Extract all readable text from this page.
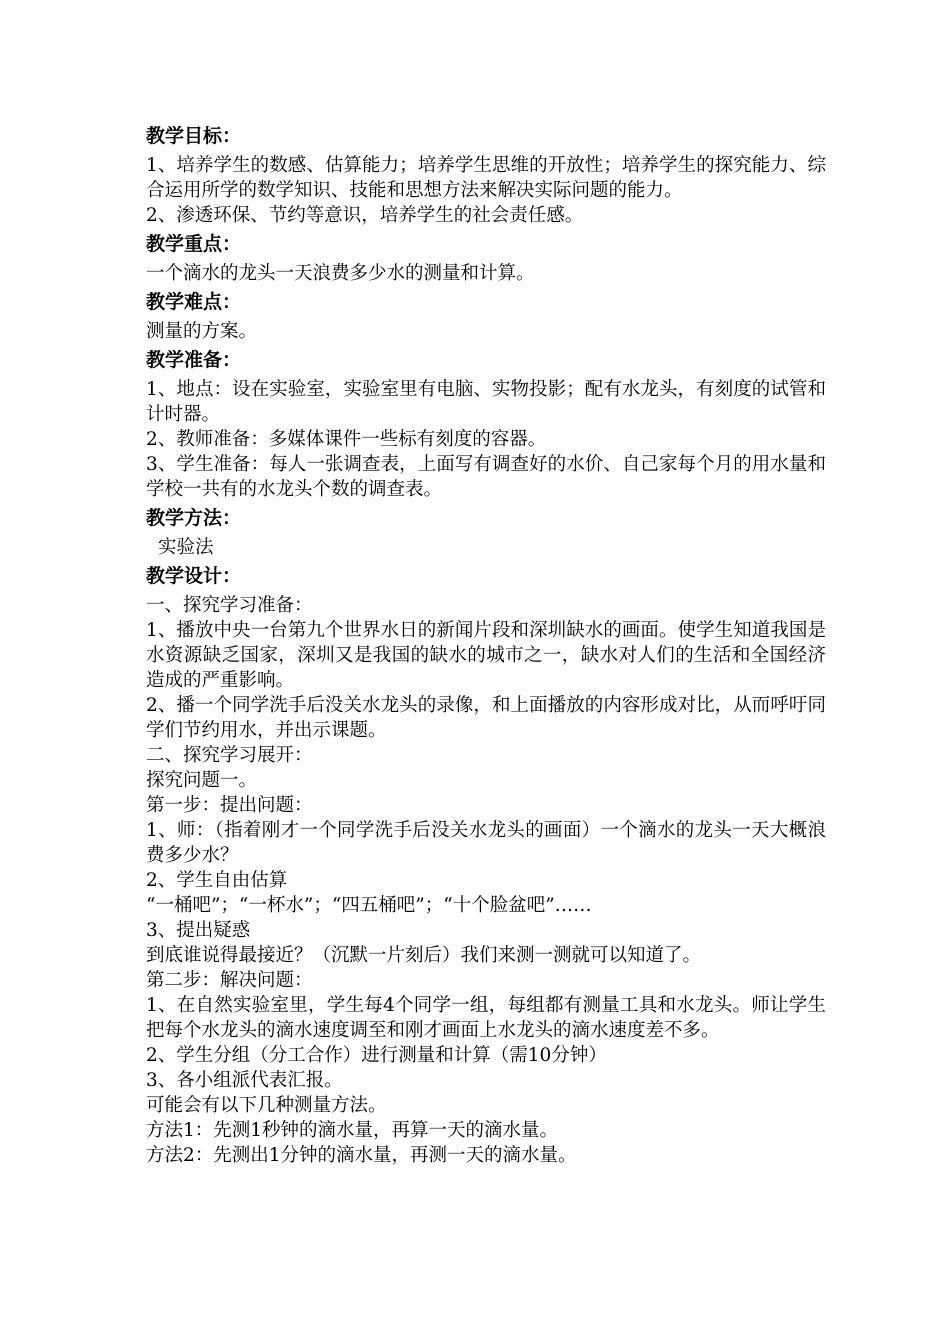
教学目标：

1、培养学生的数感、估算能力；培养学生思维的开放性；培养学生的探究能力、综合运用所学的数学知识、技能和思想方法来解决实际问题的能力。

2、渗透环保、节约等意识，培养学生的社会责任感。

教学重点：

一个滴水的龙头一天浪费多少水的测量和计算。

教学难点：

测量的方案。

教学准备：

1、地点：设在实验室，实验室里有电脑、实物投影；配有水龙头，有刻度的试管和计时器。

2、教师准备：多媒体课件一些标有刻度的容器。

3、学生准备：每人一张调查表，上面写有调查好的水价、自己家每个月的用水量和学校一共有的水龙头个数的调查表。

教学方法：

实验法

教学设计：

一、探究学习准备：

1、播放中央一台第九个世界水日的新闻片段和深圳缺水的画面。使学生知道我国是水资源缺乏国家，深圳又是我国的缺水的城市之一，缺水对人们的生活和全国经济造成的严重影响。

2、播一个同学洗手后没关水龙头的录像，和上面播放的内容形成对比，从而呼吁同学们节约用水，并出示课题。

二、探究学习展开：

探究问题一。

第一步：提出问题：

1、师：（指着刚才一个同学洗手后没关水龙头的画面）一个滴水的龙头一天大概浪费多少水？

2、学生自由估算

“一桶吧”；“一杯水”；“四五桶吧”；“十个脸盆吧”……

3、提出疑惑

到底谁说得最接近？（沉默一片刻后）我们来测一测就可以知道了。

第二步：解决问题：

1、在自然实验室里，学生每4个同学一组，每组都有测量工具和水龙头。师让学生把每个水龙头的滴水速度调至和刚才画面上水龙头的滴水速度差不多。

2、学生分组（分工合作）进行测量和计算（需10分钟）

3、各小组派代表汇报。

可能会有以下几种测量方法。

方法1：先测1秒钟的滴水量，再算一天的滴水量。

方法2：先测出1分钟的滴水量，再测一天的滴水量。
